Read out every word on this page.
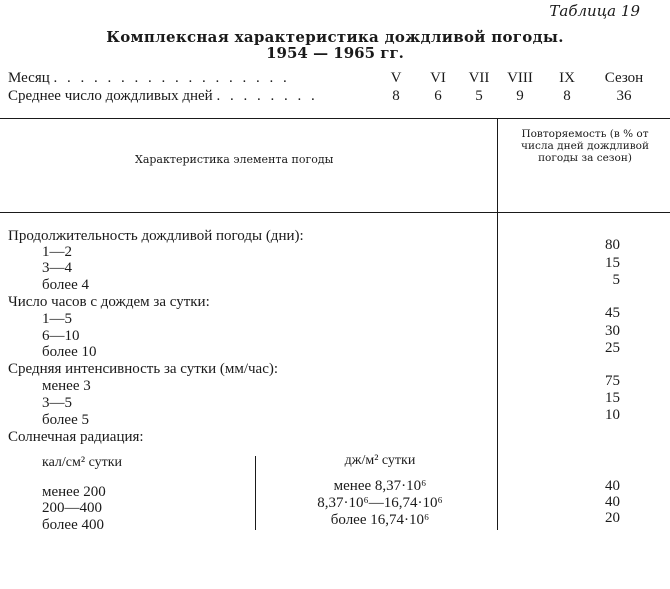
Таблица 19
Комплексная характеристика дождливой погоды.
1954 — 1965 гг.
Месяц . . . . . . . . . . . . . . . . . .	V	VI	VII	VIII	IX	Сезон
Среднее число дождливых дней . . . . . . . .	8	6	5	9	8	36
Характеристика элемента погоды
Повторяемость (в % от числа дней дождливой погоды за сезон)
Продолжительность дождливой погоды (дни):
1—2	80
3—4	15
более 4	5
Число часов с дождем за сутки:
1—5	45
6—10	30
более 10	25
Средняя интенсивность за сутки (мм/час):
менее 3	75
3—5	15
более 5	10
Солнечная радиация:
кал/см² сутки	дж/м² сутки
менее 200	менее 8,37·10⁶	40
200—400	8,37·10⁶—16,74·10⁶	40
более 400	более 16,74·10⁶	20
